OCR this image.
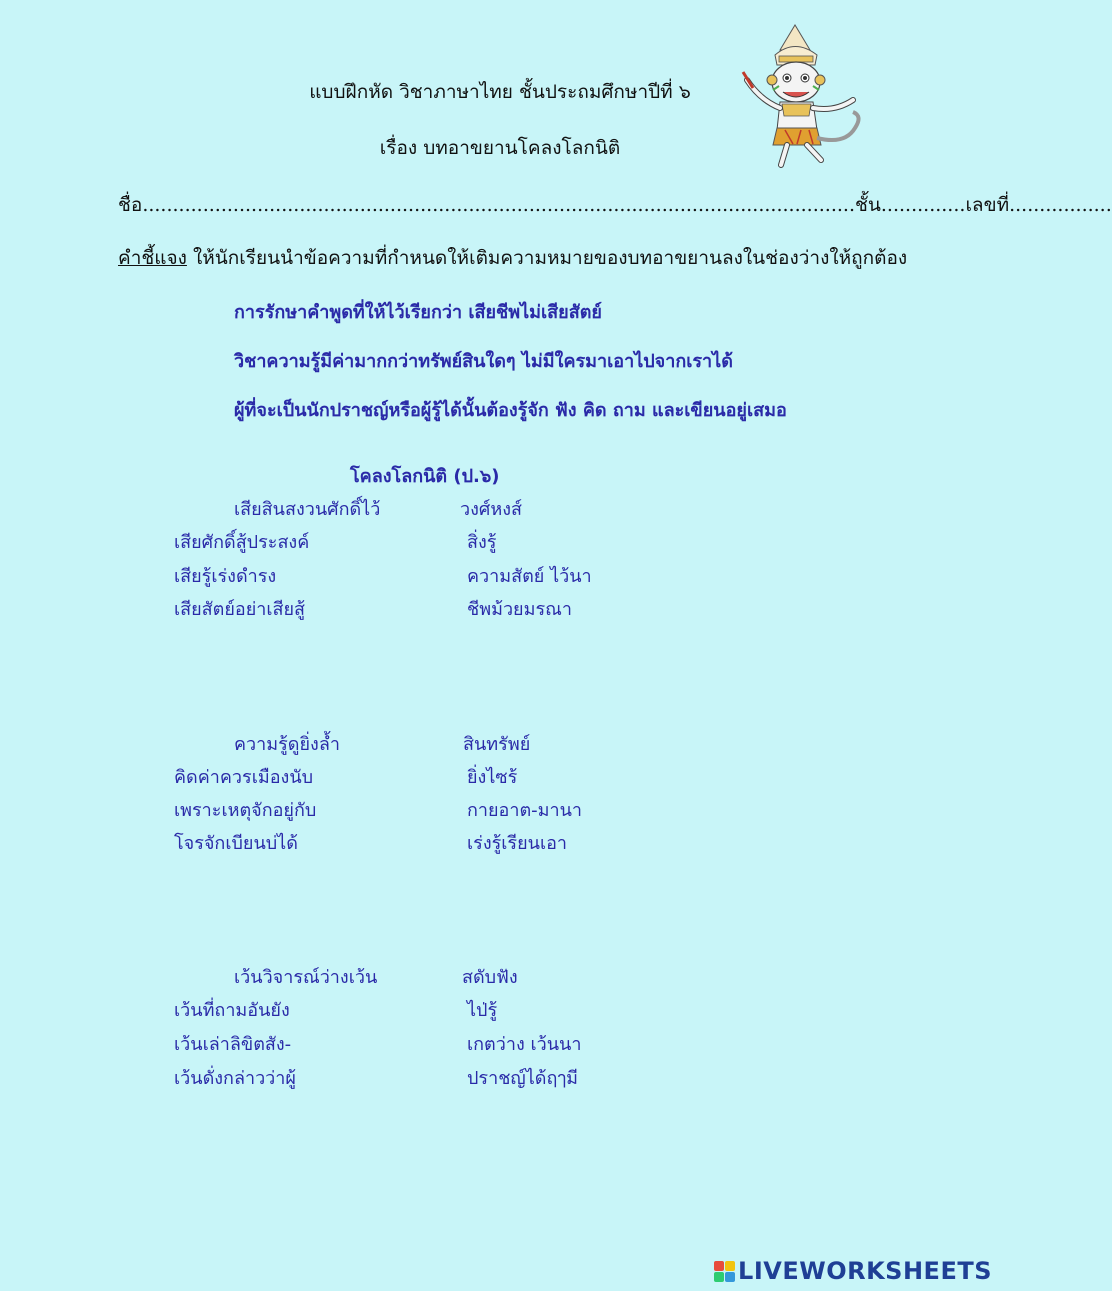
แบบฝึกหัด วิชาภาษาไทย ชั้นประถมศึกษาปีที่ ๖
เรื่อง บทอาขยานโคลงโลกนิติ
ชื่อ......................................................................................................................ชั้น..............เลขที่.................
คำชี้แจง ให้นักเรียนนำข้อความที่กำหนดให้เติมความหมายของบทอาขยานลงในช่องว่างให้ถูกต้อง
การรักษาคำพูดที่ให้ไว้เรียกว่า เสียชีพไม่เสียสัตย์
วิชาความรู้มีค่ามากกว่าทรัพย์สินใดๆ ไม่มีใครมาเอาไปจากเราได้
ผู้ที่จะเป็นนักปราชญ์หรือผู้รู้ได้นั้นต้องรู้จัก ฟัง คิด ถาม และเขียนอยู่เสมอ
โคลงโลกนิติ (ป.๖)
เสียสินสงวนศักดิ์ไว้	วงศ์หงส์
เสียศักดิ์สู้ประสงค์	สิ่งรู้
เสียรู้เร่งดำรง	ความสัตย์ ไว้นา
เสียสัตย์อย่าเสียสู้	ชีพม้วยมรณา
ความรู้ดูยิ่งล้ำ	สินทรัพย์
คิดค่าควรเมืองนับ	ยิ่งไซร้
เพราะเหตุจักอยู่กับ	กายอาต-มานา
โจรจักเบียนบ่ได้	เร่งรู้เรียนเอา
เว้นวิจารณ์ว่างเว้น	สดับฟัง
เว้นที่ถามอันยัง	ไป่รู้
เว้นเล่าลิขิตสัง-	เกตว่าง เว้นนา
เว้นดั่งกล่าวว่าผู้	ปราชญ์ได้ฤๅมี
LIVEWORKSHEETS
